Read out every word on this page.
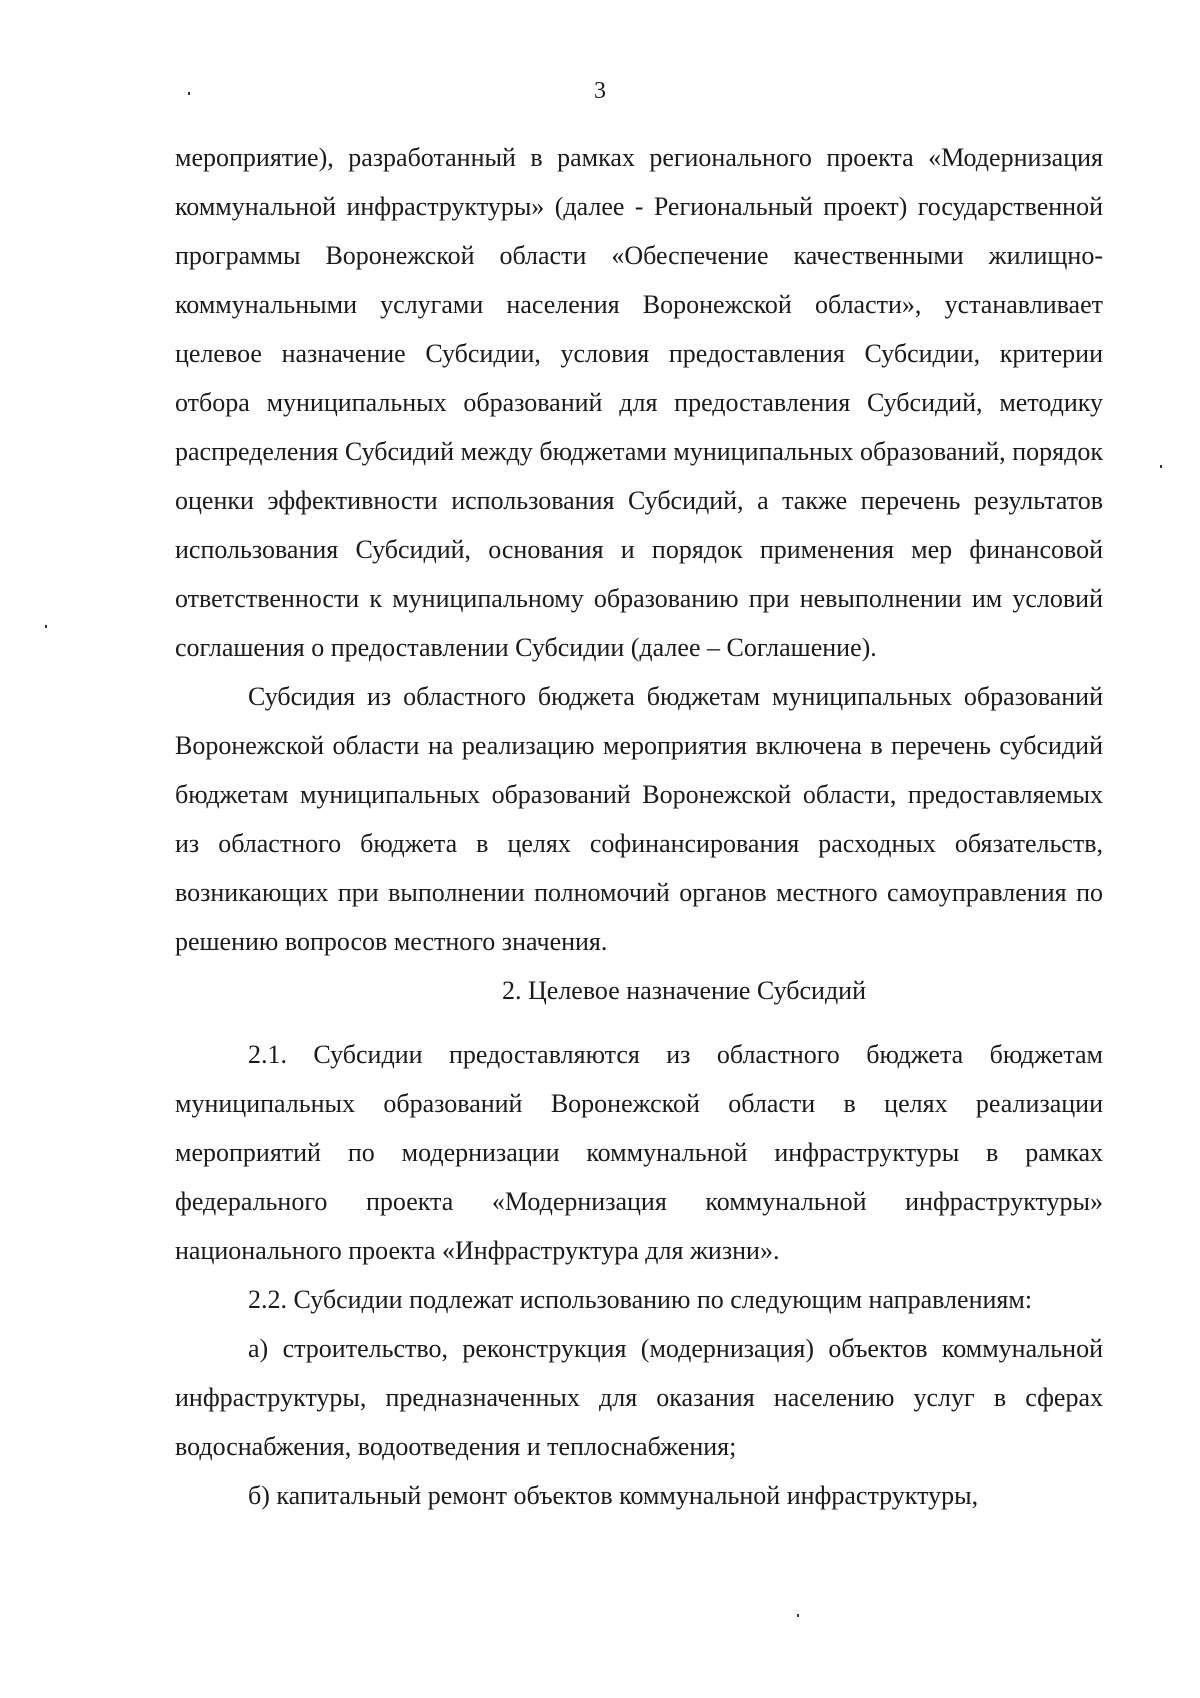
3

мероприятие), разработанный в рамках регионального проекта «Модернизация коммунальной инфраструктуры» (далее - Региональный проект) государственной программы Воронежской области «Обеспечение качественными жилищно-коммунальными услугами населения Воронежской области», устанавливает целевое назначение Субсидии, условия предоставления Субсидии, критерии отбора муниципальных образований для предоставления Субсидий, методику распределения Субсидий между бюджетами муниципальных образований, порядок оценки эффективности использования Субсидий, а также перечень результатов использования Субсидий, основания и порядок применения мер финансовой ответственности к муниципальному образованию при невыполнении им условий соглашения о предоставлении Субсидии (далее – Соглашение).

Субсидия из областного бюджета бюджетам муниципальных образований Воронежской области на реализацию мероприятия включена в перечень субсидий бюджетам муниципальных образований Воронежской области, предоставляемых из областного бюджета в целях софинансирования расходных обязательств, возникающих при выполнении полномочий органов местного самоуправления по решению вопросов местного значения.

2. Целевое назначение Субсидий

2.1. Субсидии предоставляются из областного бюджета бюджетам муниципальных образований Воронежской области в целях реализации мероприятий по модернизации коммунальной инфраструктуры в рамках федерального проекта «Модернизация коммунальной инфраструктуры» национального проекта «Инфраструктура для жизни».

2.2. Субсидии подлежат использованию по следующим направлениям:

а) строительство, реконструкция (модернизация) объектов коммунальной инфраструктуры, предназначенных для оказания населению услуг в сферах водоснабжения, водоотведения и теплоснабжения;

б) капитальный ремонт объектов коммунальной инфраструктуры,
